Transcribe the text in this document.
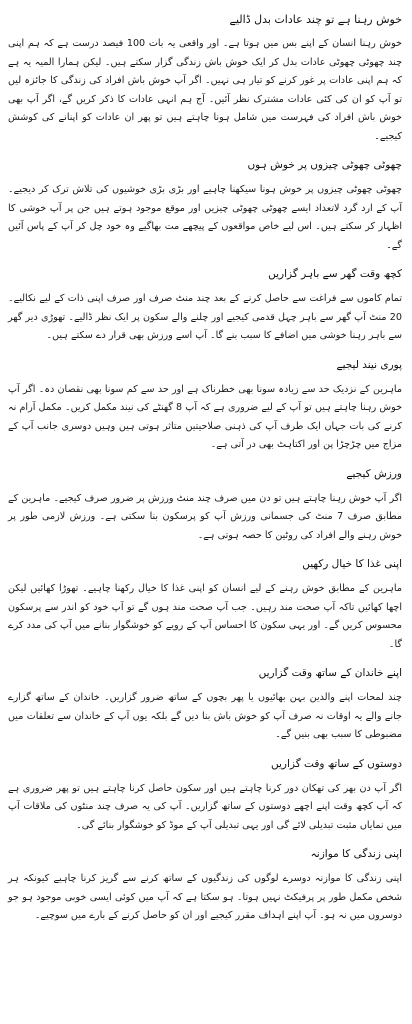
خوش رہنا ہے تو چند عادات بدل ڈالیے

خوش رہنا انسان کے اپنے بس میں ہوتا ہے۔ اور واقعی یہ بات 100 فیصد درست ہے کہ ہم اپنی چند چھوٹی چھوٹی عادات بدل کر ایک خوش باش زندگی گزار سکتے ہیں۔ لیکن ہمارا المیہ یہ ہے کہ ہم اپنی عادات پر غور کرنے کو تیار ہی نہیں۔ اگر آپ خوش باش افراد کی زندگی کا جائزہ لیں تو آپ کو ان کی کئی عادات مشترک نظر آئیں۔ آج ہم انہی عادات کا ذکر کریں گے، اگر آپ بھی خوش باش افراد کی فہرست میں شامل ہونا چاہتے ہیں تو پھر ان عادات کو اپنانے کی کوشش کیجیے۔

چھوٹی چھوٹی چیزوں پر خوش ہوں

چھوٹی چھوٹی چیزوں پر خوش ہونا سیکھنا چاہیے اور بڑی بڑی خوشیوں کی تلاش ترک کر دیجیے۔ آپ کے ارد گرد لاتعداد ایسے چھوٹی چھوٹی چیزیں اور موقع موجود ہوتے ہیں جن پر آپ خوشی کا اظہار کر سکتے ہیں۔ اس لیے خاص مواقعوں کے پیچھے مت بھاگیے وہ خود چل کر آپ کے پاس آئیں گے۔

کچھ وقت گھر سے باہر گزاریں

تمام کاموں سے فراغت سے حاصل کرنے کے بعد چند منٹ صرف اور صرف اپنی ذات کے لیے نکالیے۔ 20 منٹ آپ گھر سے باہر چہل قدمی کیجیے اور چلنے والے سکون پر ایک نظر ڈالیے۔ تھوڑی دیر گھر سے باہر رہنا خوشی میں اضافے کا سبب بنے گا۔ آپ اسے ورزش بھی قرار دے سکتے ہیں۔

پوری نیند لیجیے

ماہرین کے نزدیک حد سے زیادہ سونا بھی خطرناک ہے اور حد سے کم سونا بھی نقصان دہ۔ اگر آپ خوش رہنا چاہتے ہیں تو آپ کے لیے ضروری ہے کہ آپ 8 گھنٹے کی نیند مکمل کریں۔ مکمل آرام نہ کرنے کی بات جہاں ایک طرف آپ کی ذہنی صلاحیتیں متاثر ہوتی ہیں وہیں دوسری جانب آپ کے مزاج میں چڑچڑا پن اور اکتاہٹ بھی در آتی ہے۔

ورزش کیجیے

اگر آپ خوش رہنا چاہتے ہیں تو دن میں صرف چند منٹ ورزش پر ضرور صرف کیجیے۔ ماہرین کے مطابق صرف 7 منٹ کی جسمانی ورزش آپ کو پرسکون بنا سکتی ہے۔ ورزش لازمی طور پر خوش رہنے والے افراد کی روٹین کا حصہ ہوتی ہے۔

اپنی غذا کا خیال رکھیں

ماہرین کے مطابق خوش رہنے کے لیے انسان کو اپنی غذا کا خیال رکھنا چاہیے۔ تھوڑا کھائیں لیکن اچھا کھائیں تاکہ آپ صحت مند رہیں۔ جب آپ صحت مند ہوں گے تو آپ خود کو اندر سے پرسکون محسوس کریں گے۔ اور یہی سکون کا احساس آپ کے رویے کو خوشگوار بنانے میں آپ کی مدد کرے گا۔

اپنے خاندان کے ساتھ وقت گزاریں

چند لمحات اپنے والدین بہن بھائیوں یا پھر بچوں کے ساتھ ضرور گزاریں۔ خاندان کے ساتھ گزارے جانے والے یہ اوقات نہ صرف آپ کو خوش باش بنا دیں گے بلکہ یوں آپ کے خاندان سے تعلقات میں مضبوطی کا سبب بھی بنیں گے۔

دوستوں کے ساتھ وقت گزاریں

اگر آپ دن بھر کی تھکان دور کرنا چاہتے ہیں اور سکون حاصل کرنا چاہتے ہیں تو پھر ضروری ہے کہ آپ کچھ وقت اپنے اچھے دوستوں کے ساتھ گزاریں۔ آپ کی یہ صرف چند منٹوں کی ملاقات آپ میں نمایاں مثبت تبدیلی لائے گی اور یہی تبدیلی آپ کے موڈ کو خوشگوار بنائے گی۔

اپنی زندگی کا موازنہ

اپنی زندگی کا موازنہ دوسرے لوگوں کی زندگیوں کے ساتھ کرنے سے گریز کرنا چاہیے کیونکہ ہر شخص مکمل طور پر پرفیکٹ نہیں ہوتا۔ ہو سکتا ہے کہ آپ میں کوئی ایسی خوبی موجود ہو جو دوسروں میں نہ ہو۔ آپ اپنے اہداف مقرر کیجیے اور ان کو حاصل کرنے کے بارے میں سوچیے۔
